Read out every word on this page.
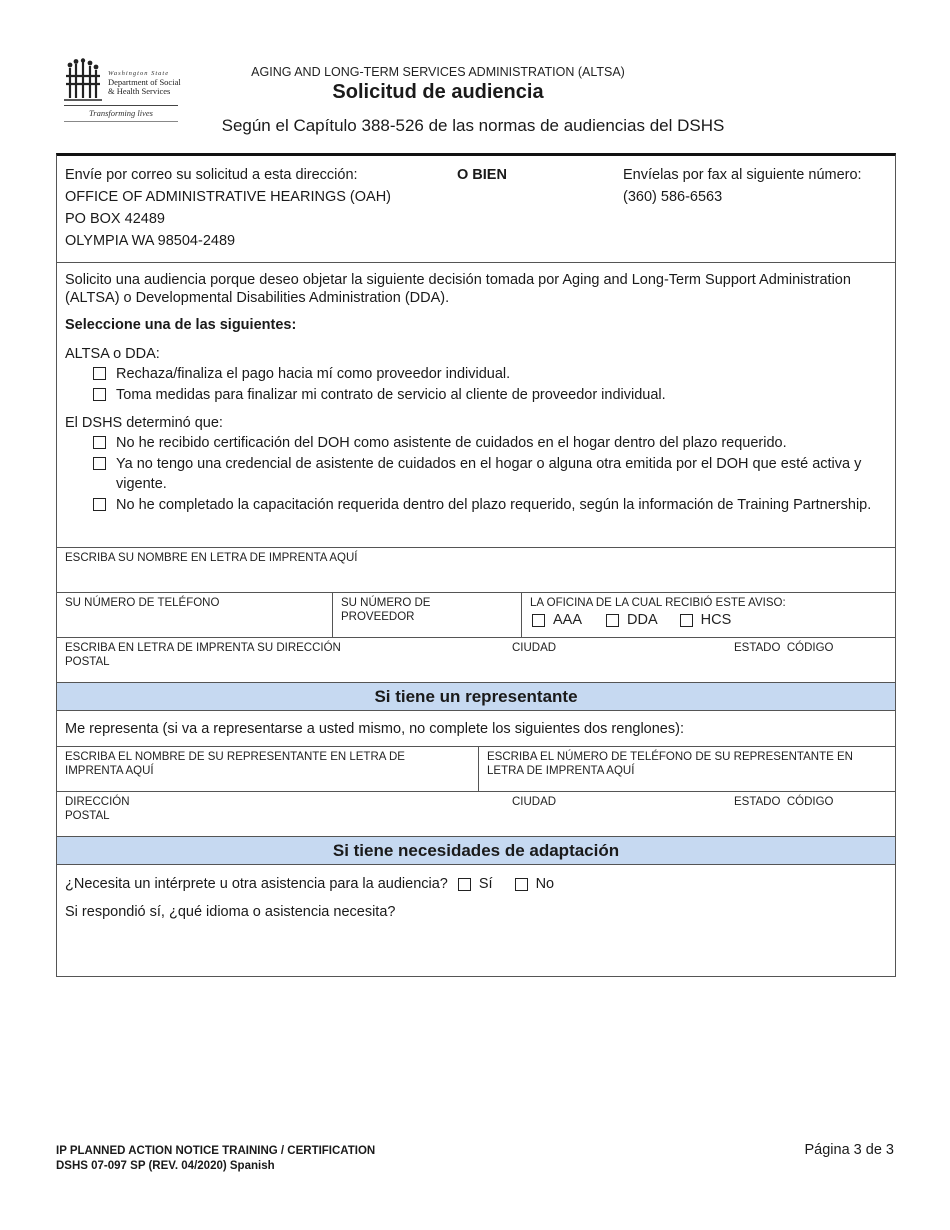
Washington State
Department of Social
& Health Services
Transforming lives
AGING AND LONG-TERM SERVICES ADMINISTRATION (ALTSA)
Solicitud de audiencia
Según el Capítulo 388-526 de las normas de audiencias del DSHS
Envíe por correo su solicitud a esta dirección:
OFFICE OF ADMINISTRATIVE HEARINGS (OAH)
PO BOX 42489
OLYMPIA WA 98504-2489
O BIEN	Envíelas por fax al siguiente número:
(360) 586-6563

Solicito una audiencia porque deseo objetar la siguiente decisión tomada por Aging and Long-Term Support Administration (ALTSA) o Developmental Disabilities Administration (DDA).

Seleccione una de las siguientes:

ALTSA o DDA:

Rechaza/finaliza el pago hacia mí como proveedor individual.
Toma medidas para finalizar mi contrato de servicio al cliente de proveedor individual.

El DSHS determinó que:

No he recibido certificación del DOH como asistente de cuidados en el hogar dentro del plazo requerido.
Ya no tengo una credencial de asistente de cuidados en el hogar o alguna otra emitida por el DOH que esté activa y vigente.
No he completado la capacitación requerida dentro del plazo requerido, según la información de Training Partnership.
ESCRIBA SU NOMBRE EN LETRA DE IMPRENTA AQUÍ
SU NÚMERO DE TELÉFONO	SU NÚMERO DE PROVEEDOR
LA OFICINA DE LA CUAL RECIBIÓ ESTE AVISO:
AAA	DDA	HCS
ESCRIBA EN LETRA DE IMPRENTA SU DIRECCIÓN POSTAL
CIUDAD	ESTADO  CÓDIGO
Si tiene un representante
Me representa (si va a representarse a usted mismo, no complete los siguientes dos renglones):
ESCRIBA EL NOMBRE DE SU REPRESENTANTE EN LETRA DE IMPRENTA AQUÍ
ESCRIBA EL NÚMERO DE TELÉFONO DE SU REPRESENTANTE EN LETRA DE IMPRENTA AQUÍ
DIRECCIÓN POSTAL
CIUDAD	ESTADO  CÓDIGO
Si tiene necesidades de adaptación
¿Necesita un intérprete u otra asistencia para la audiencia? Sí	No
Si respondió sí, ¿qué idioma o asistencia necesita?
IP PLANNED ACTION NOTICE TRAINING / CERTIFICATION
DSHS 07-097 SP (REV. 04/2020) Spanish
Página 3 de 3
